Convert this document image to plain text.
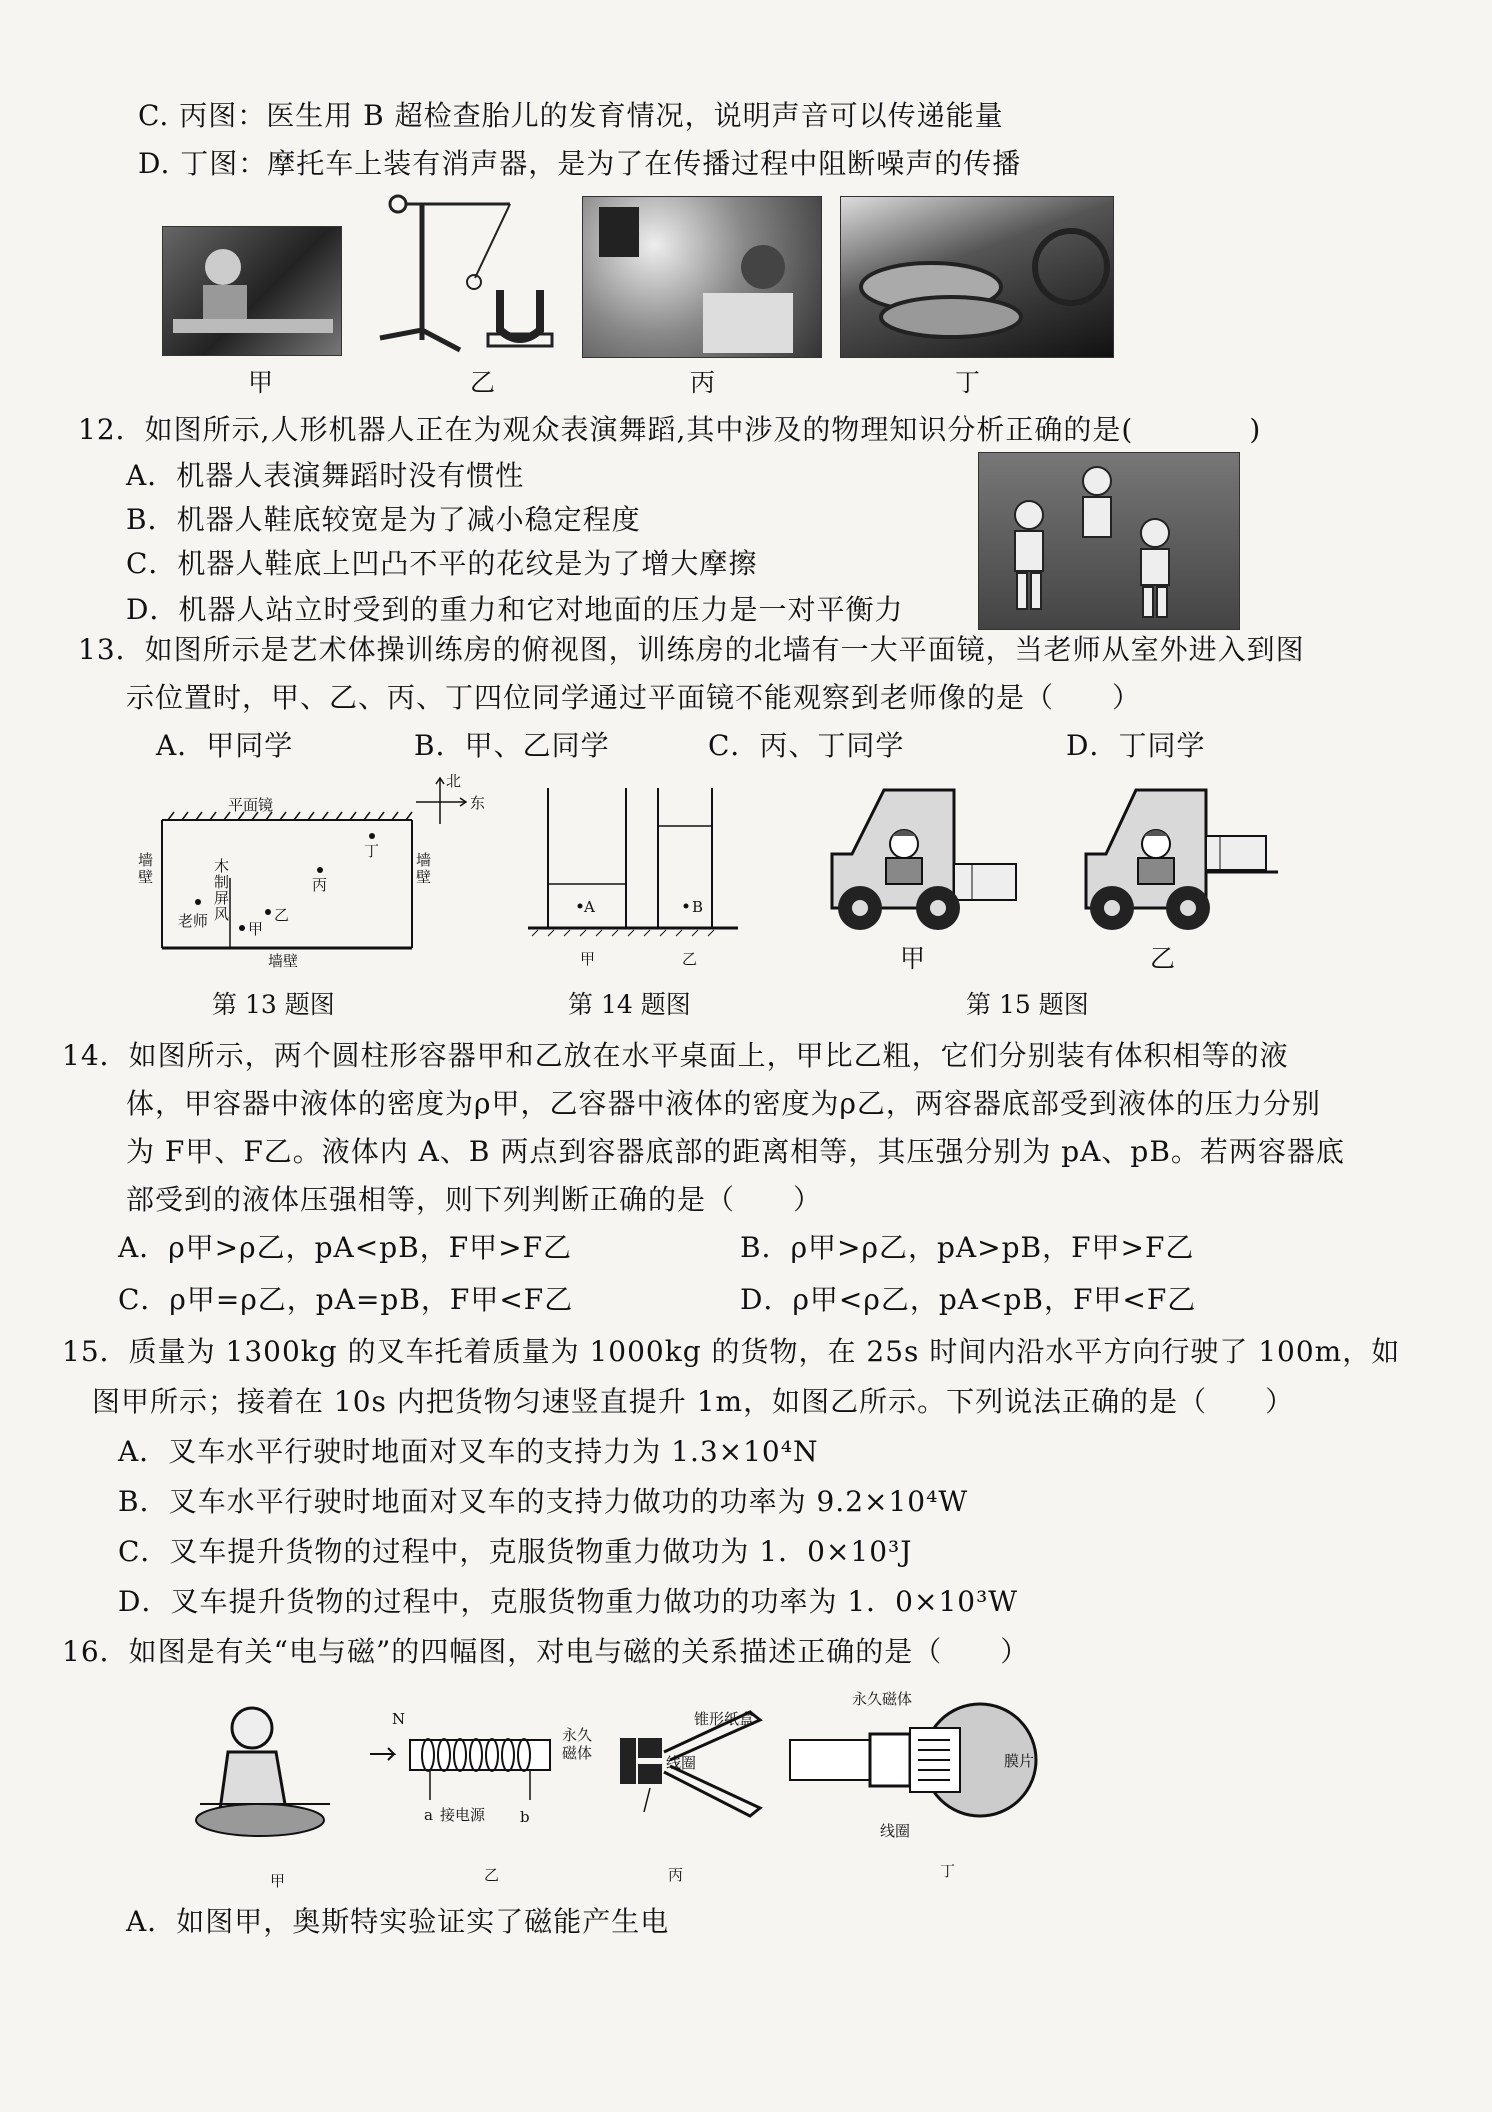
C. 丙图：医生用 B 超检查胎儿的发育情况，说明声音可以传递能量
D. 丁图：摩托车上装有消声器，是为了在传播过程中阻断噪声的传播
甲	乙	丙	丁
12．如图所示,人形机器人正在为观众表演舞蹈,其中涉及的物理知识分析正确的是(　　　　)
A．机器人表演舞蹈时没有惯性
B．机器人鞋底较宽是为了减小稳定程度
C．机器人鞋底上凹凸不平的花纹是为了增大摩擦
D．机器人站立时受到的重力和它对地面的压力是一对平衡力
13．如图所示是艺术体操训练房的俯视图，训练房的北墙有一大平面镜，当老师从室外进入到图
示位置时，甲、乙、丙、丁四位同学通过平面镜不能观察到老师像的是（　　）
A．甲同学	B．甲、乙同学	C．丙、丁同学	D．丁同学
平面镜
北
东
墙壁
墙壁
墙壁
老师
木制屏风
甲
乙
丙
丁
第 13 题图
A	B
甲	乙
第 14 题图
甲	乙
第 15 题图
14．如图所示，两个圆柱形容器甲和乙放在水平桌面上，甲比乙粗，它们分别装有体积相等的液
体，甲容器中液体的密度为ρ甲，乙容器中液体的密度为ρ乙，两容器底部受到液体的压力分别
为 F甲、F乙。液体内 A、B 两点到容器底部的距离相等，其压强分别为 pA、pB。若两容器底
部受到的液体压强相等，则下列判断正确的是（　　）
A．ρ甲>ρ乙，pA<pB，F甲>F乙	B．ρ甲>ρ乙，pA>pB，F甲>F乙
C．ρ甲=ρ乙，pA=pB，F甲<F乙	D．ρ甲<ρ乙，pA<pB，F甲<F乙
15．质量为 1300kg 的叉车托着质量为 1000kg 的货物，在 25s 时间内沿水平方向行驶了 100m，如
图甲所示；接着在 10s 内把货物匀速竖直提升 1m，如图乙所示。下列说法正确的是（　　）
A．叉车水平行驶时地面对叉车的支持力为 1.3×10⁴N
B．叉车水平行驶时地面对叉车的支持力做功的功率为 9.2×10⁴W
C．叉车提升货物的过程中，克服货物重力做功为 1．0×10³J
D．叉车提升货物的过程中，克服货物重力做功的功率为 1．0×10³W
16．如图是有关“电与磁”的四幅图，对电与磁的关系描述正确的是（　　）
N
a	b
接电源
永久磁体
锥形纸盒
线圈
永久磁体
膜片
线圈
甲	乙	丙	丁
A．如图甲，奥斯特实验证实了磁能产生电
